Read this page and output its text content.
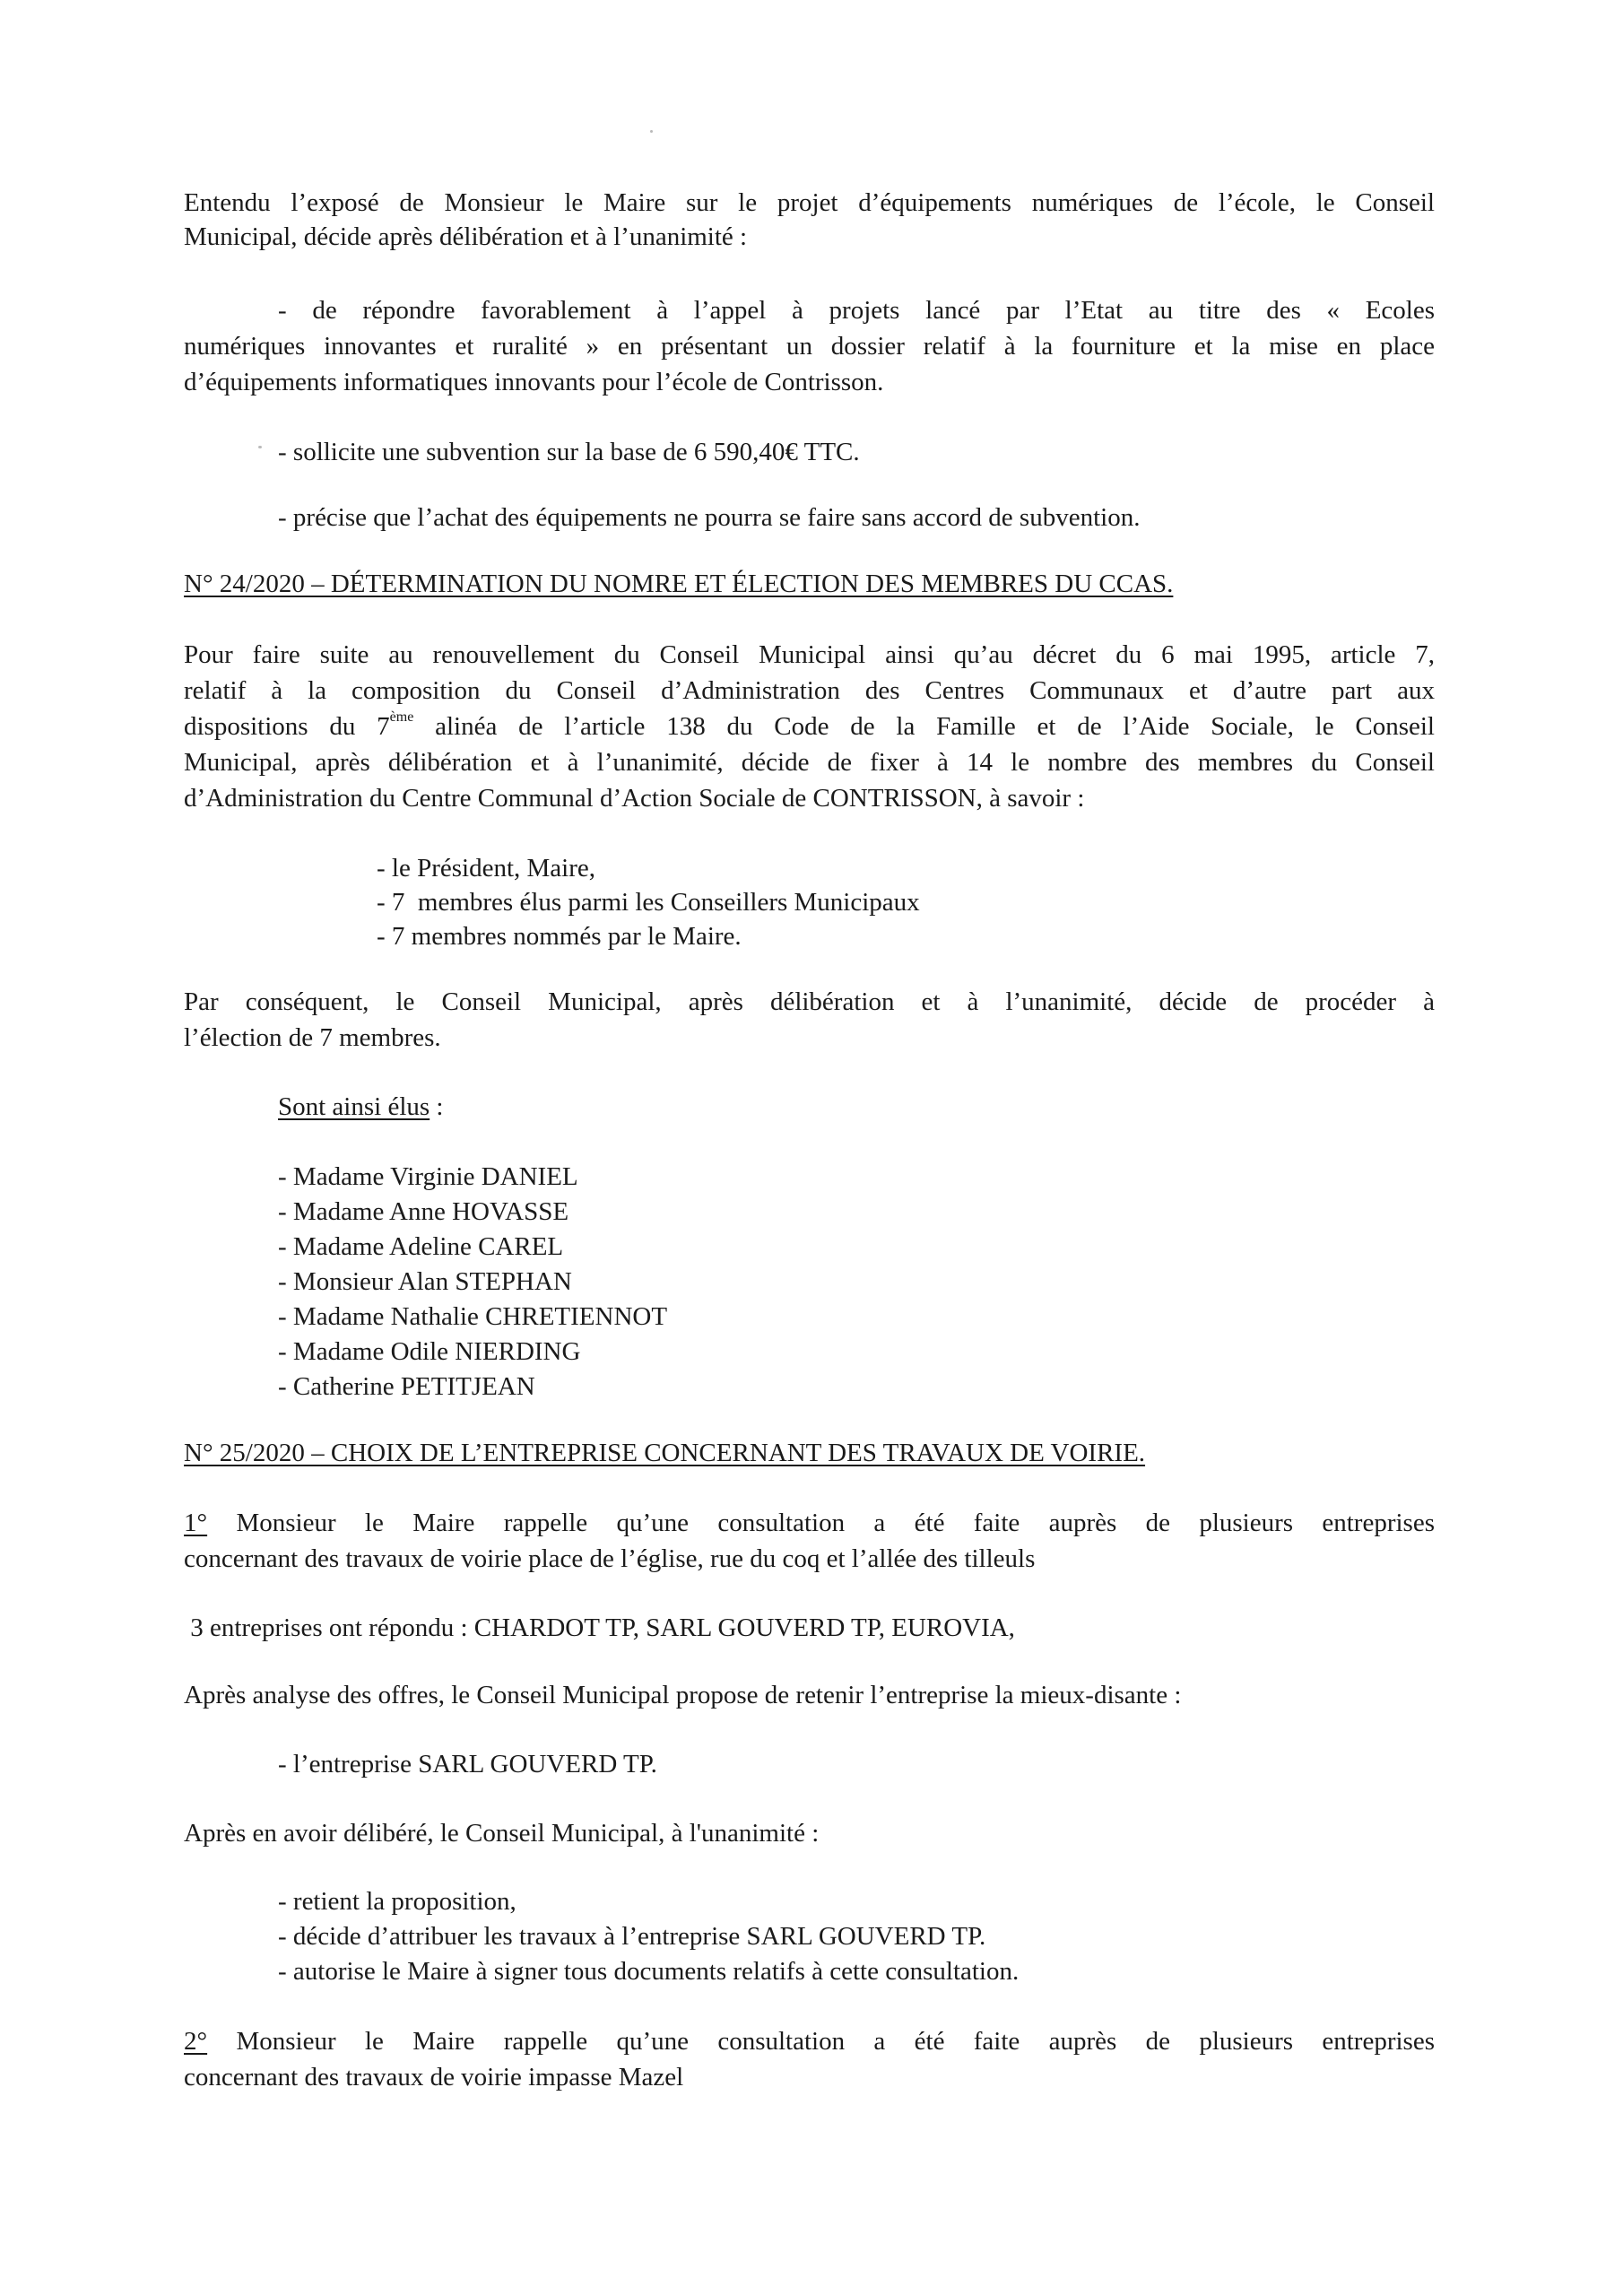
Entendu l’exposé de Monsieur le Maire sur le projet d’équipements numériques de l’école, le Conseil
Municipal, décide après délibération et à l’unanimité :
- de répondre favorablement à l’appel à projets lancé par l’Etat au titre des « Ecoles
numériques innovantes et ruralité » en présentant un dossier relatif à la fourniture et la mise en place
d’équipements informatiques innovants pour l’école de Contrisson.
- sollicite une subvention sur la base de 6 590,40€ TTC.
- précise que l’achat des équipements ne pourra se faire sans accord de subvention.
N° 24/2020 – DÉTERMINATION DU NOMRE ET ÉLECTION DES MEMBRES DU CCAS.
Pour faire suite au renouvellement du Conseil Municipal ainsi qu’au décret du 6 mai 1995, article 7,
relatif à la composition du Conseil d’Administration des Centres Communaux et d’autre part aux
dispositions du 7ème alinéa de l’article 138 du Code de la Famille et de l’Aide Sociale, le Conseil
Municipal, après délibération et à l’unanimité, décide de fixer à 14 le nombre des membres du Conseil
d’Administration du Centre Communal d’Action Sociale de CONTRISSON, à savoir :
- le Président, Maire,
- 7  membres élus parmi les Conseillers Municipaux
- 7 membres nommés par le Maire.
Par conséquent, le Conseil Municipal, après délibération et à l’unanimité, décide de procéder à
l’élection de 7 membres.
Sont ainsi élus :
- Madame Virginie DANIEL
- Madame Anne HOVASSE
- Madame Adeline CAREL
- Monsieur Alan STEPHAN
- Madame Nathalie CHRETIENNOT
- Madame Odile NIERDING
- Catherine PETITJEAN
N° 25/2020 – CHOIX DE L’ENTREPRISE CONCERNANT DES TRAVAUX DE VOIRIE.
1° Monsieur le Maire rappelle qu’une consultation a été faite auprès de plusieurs entreprises
concernant des travaux de voirie place de l’église, rue du coq et l’allée des tilleuls
3 entreprises ont répondu : CHARDOT TP, SARL GOUVERD TP, EUROVIA,
Après analyse des offres, le Conseil Municipal propose de retenir l’entreprise la mieux-disante :
- l’entreprise SARL GOUVERD TP.
Après en avoir délibéré, le Conseil Municipal, à l'unanimité :
- retient la proposition,
- décide d’attribuer les travaux à l’entreprise SARL GOUVERD TP.
- autorise le Maire à signer tous documents relatifs à cette consultation.
2° Monsieur le Maire rappelle qu’une consultation a été faite auprès de plusieurs entreprises
concernant des travaux de voirie impasse Mazel
